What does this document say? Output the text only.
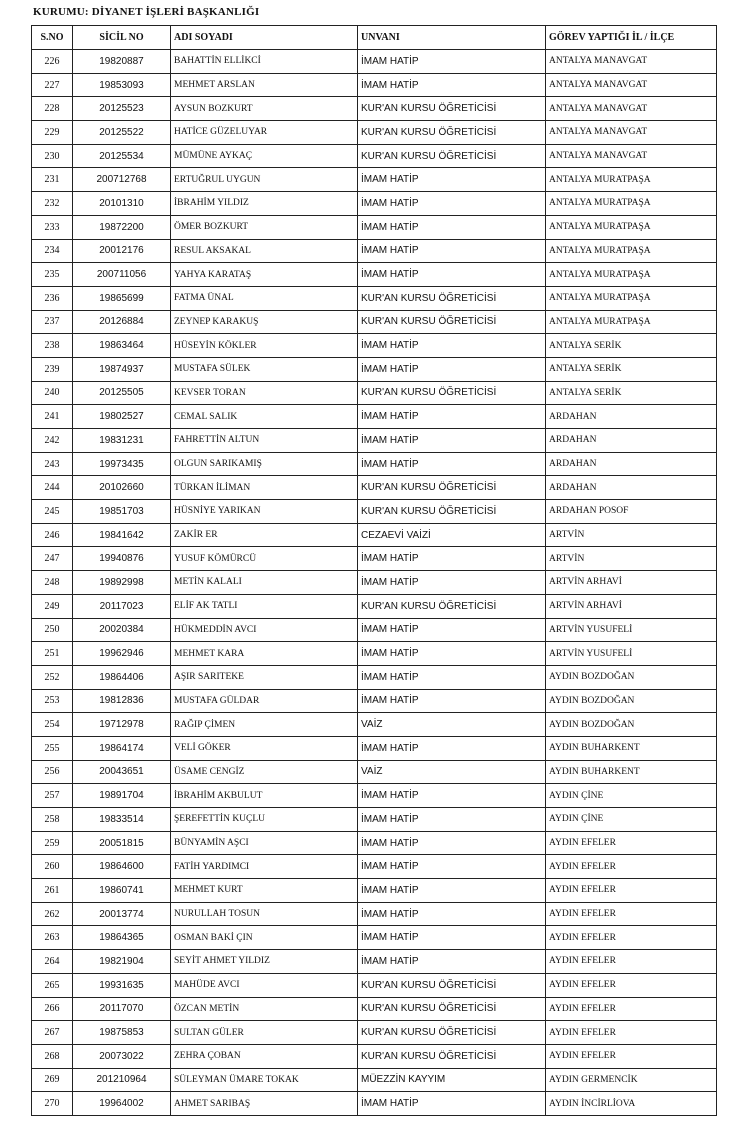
KURUMU: DİYANET İŞLERİ BAŞKANLIĞI
S.NO	SİCİL NO	ADI SOYADI	UNVANI	GÖREV YAPTIĞI İL / İLÇE
226	19820887	BAHATTİN ELLİKCİ	İMAM HATİP	ANTALYA MANAVGAT
227	19853093	MEHMET ARSLAN	İMAM HATİP	ANTALYA MANAVGAT
228	20125523	AYSUN BOZKURT	KUR'AN KURSU ÖĞRETİCİSİ	ANTALYA MANAVGAT
229	20125522	HATİCE GÜZELUYAR	KUR'AN KURSU ÖĞRETİCİSİ	ANTALYA MANAVGAT
230	20125534	MÜMÜNE AYKAÇ	KUR'AN KURSU ÖĞRETİCİSİ	ANTALYA MANAVGAT
231	200712768	ERTUĞRUL UYGUN	İMAM HATİP	ANTALYA MURATPAŞA
232	20101310	İBRAHİM YILDIZ	İMAM HATİP	ANTALYA MURATPAŞA
233	19872200	ÖMER BOZKURT	İMAM HATİP	ANTALYA MURATPAŞA
234	20012176	RESUL AKSAKAL	İMAM HATİP	ANTALYA MURATPAŞA
235	200711056	YAHYA KARATAŞ	İMAM HATİP	ANTALYA MURATPAŞA
236	19865699	FATMA ÜNAL	KUR'AN KURSU ÖĞRETİCİSİ	ANTALYA MURATPAŞA
237	20126884	ZEYNEP KARAKUŞ	KUR'AN KURSU ÖĞRETİCİSİ	ANTALYA MURATPAŞA
238	19863464	HÜSEYİN KÖKLER	İMAM HATİP	ANTALYA SERİK
239	19874937	MUSTAFA SÜLEK	İMAM HATİP	ANTALYA SERİK
240	20125505	KEVSER TORAN	KUR'AN KURSU ÖĞRETİCİSİ	ANTALYA SERİK
241	19802527	CEMAL SALIK	İMAM HATİP	ARDAHAN
242	19831231	FAHRETTİN ALTUN	İMAM HATİP	ARDAHAN
243	19973435	OLGUN SARIKAMIŞ	İMAM HATİP	ARDAHAN
244	20102660	TÜRKAN İLİMAN	KUR'AN KURSU ÖĞRETİCİSİ	ARDAHAN
245	19851703	HÜSNİYE YARIKAN	KUR'AN KURSU ÖĞRETİCİSİ	ARDAHAN POSOF
246	19841642	ZAKİR ER	CEZAEVİ VAİZİ	ARTVİN
247	19940876	YUSUF KÖMÜRCÜ	İMAM HATİP	ARTVİN
248	19892998	METİN KALALI	İMAM HATİP	ARTVİN ARHAVİ
249	20117023	ELİF AK TATLI	KUR'AN KURSU ÖĞRETİCİSİ	ARTVİN ARHAVİ
250	20020384	HÜKMEDDİN AVCI	İMAM HATİP	ARTVİN YUSUFELİ
251	19962946	MEHMET KARA	İMAM HATİP	ARTVİN YUSUFELİ
252	19864406	AŞIR SARITEKE	İMAM HATİP	AYDIN BOZDOĞAN
253	19812836	MUSTAFA GÜLDAR	İMAM HATİP	AYDIN BOZDOĞAN
254	19712978	RAĞIP ÇİMEN	VAİZ	AYDIN BOZDOĞAN
255	19864174	VELİ GÖKER	İMAM HATİP	AYDIN BUHARKENT
256	20043651	ÜSAME CENGİZ	VAİZ	AYDIN BUHARKENT
257	19891704	İBRAHİM AKBULUT	İMAM HATİP	AYDIN ÇİNE
258	19833514	ŞEREFETTİN KUÇLU	İMAM HATİP	AYDIN ÇİNE
259	20051815	BÜNYAMİN AŞCI	İMAM HATİP	AYDIN EFELER
260	19864600	FATİH YARDIMCI	İMAM HATİP	AYDIN EFELER
261	19860741	MEHMET KURT	İMAM HATİP	AYDIN EFELER
262	20013774	NURULLAH TOSUN	İMAM HATİP	AYDIN EFELER
263	19864365	OSMAN BAKİ ÇIN	İMAM HATİP	AYDIN EFELER
264	19821904	SEYİT AHMET YILDIZ	İMAM HATİP	AYDIN EFELER
265	19931635	MAHÜDE AVCI	KUR'AN KURSU ÖĞRETİCİSİ	AYDIN EFELER
266	20117070	ÖZCAN METİN	KUR'AN KURSU ÖĞRETİCİSİ	AYDIN EFELER
267	19875853	SULTAN GÜLER	KUR'AN KURSU ÖĞRETİCİSİ	AYDIN EFELER
268	20073022	ZEHRA ÇOBAN	KUR'AN KURSU ÖĞRETİCİSİ	AYDIN EFELER
269	201210964	SÜLEYMAN ÜMARE TOKAK	MÜEZZİN KAYYIM	AYDIN GERMENCİK
270	19964002	AHMET SARIBAŞ	İMAM HATİP	AYDIN İNCİRLİOVA
